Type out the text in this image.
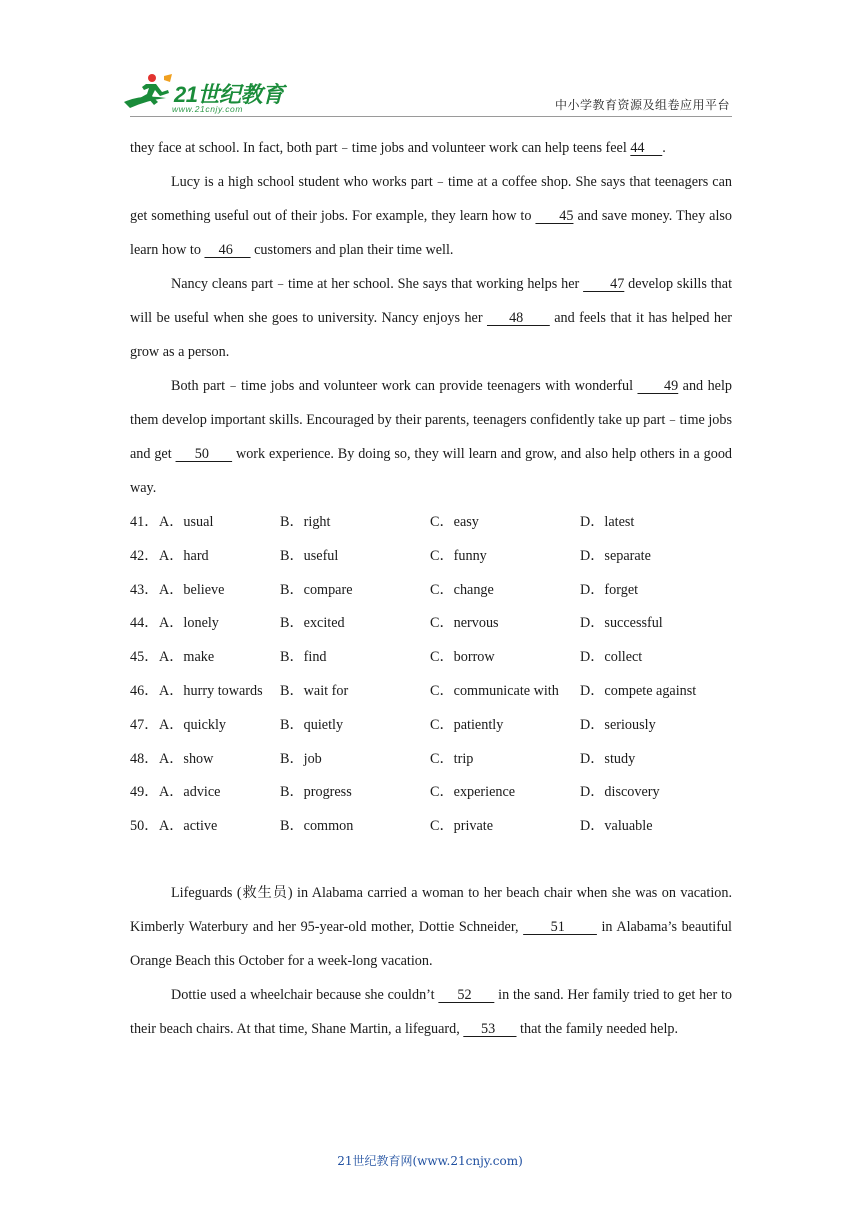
21世纪教育
www.21cnjy.com	中小学教育资源及组卷应用平台

they face at school. In fact, both part﹣time jobs and volunteer work can help teens feel 44     .

Lucy is a high school student who works part﹣time at a coffee shop. She says that teenagers can get something useful out of their jobs. For example, they learn how to       45 and save money. They also learn how to     46      customers and plan their time well.

Nancy cleans part﹣time at her school. She says that working helps her        47 develop skills that will be useful when she goes to university. Nancy enjoys her      48       and feels that it has helped her grow as a person.

Both part﹣time jobs and volunteer work can provide teenagers with wonderful       49 and help them develop important skills. Encouraged by their parents, teenagers confidently take up part﹣time jobs and get      50       work experience. By doing so, they will learn and grow, and also help others in a good way.

41． A．usual	B．right	C．easy	D．latest
42． A．hard	B．useful	C．funny	D．separate
43． A．believe	B．compare	C．change	D．forget
44． A．lonely	B．excited	C．nervous	D．successful
45． A．make	B．find	C．borrow	D．collect
46． A．hurry towards	B．wait for	C．communicate with	D．compete against
47． A．quickly	B．quietly	C．patiently	D．seriously
48． A．show	B．job	C．trip	D．study
49． A．advice	B．progress	C．experience	D．discovery
50． A．active	B．common	C．private	D．valuable

Lifeguards (救生员) in Alabama carried a woman to her beach chair when she was on vacation. Kimberly Waterbury and her 95-year-old mother, Dottie Schneider,       51        in Alabama’s beautiful Orange Beach this October for a week-long vacation.

Dottie used a wheelchair because she couldn’t      52       in the sand. Her family tried to get her to their beach chairs. At that time, Shane Martin, a lifeguard,      53       that the family needed help.

21世纪教育网(www.21cnjy.com)
